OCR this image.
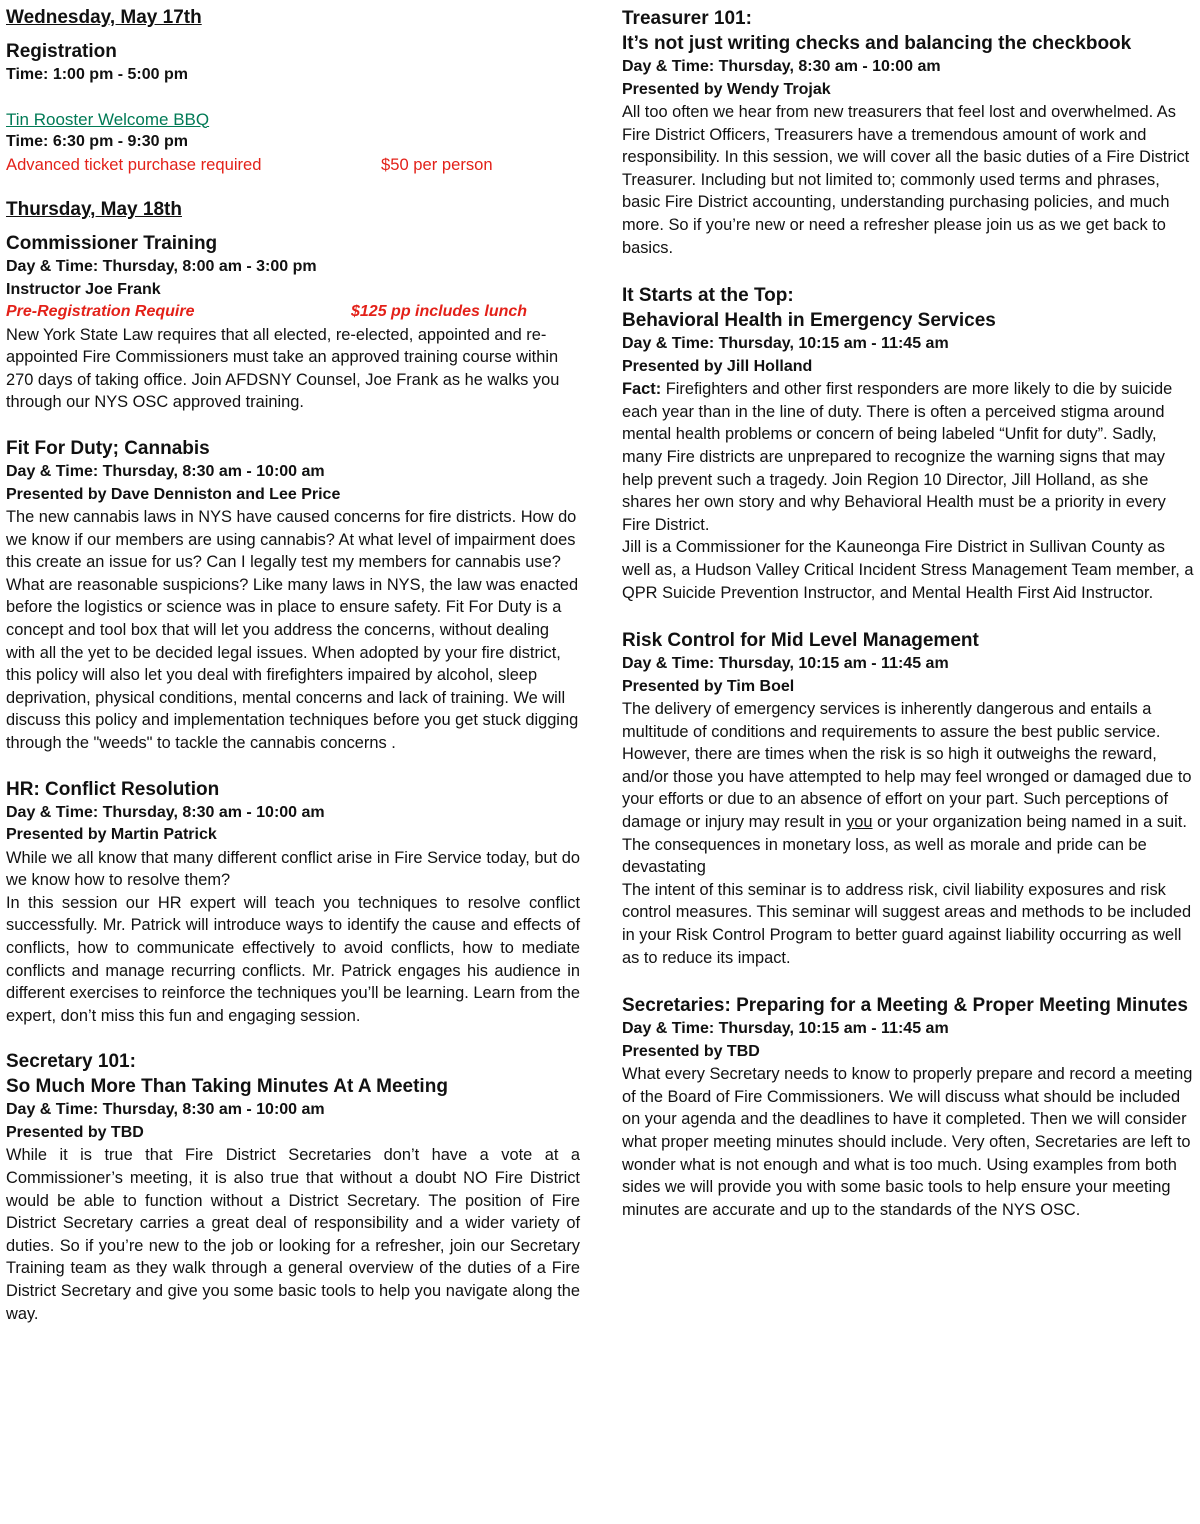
Wednesday, May 17th
Registration
Time: 1:00 pm - 5:00 pm
Tin Rooster Welcome BBQ
Time: 6:30 pm - 9:30 pm
Advanced ticket purchase required	$50 per person
Thursday, May 18th
Commissioner Training
Day & Time: Thursday, 8:00 am - 3:00 pm
Instructor Joe Frank
Pre-Registration Require	$125 pp includes lunch
New York State Law requires that all elected, re-elected, appointed and re-appointed Fire Commissioners must take an approved training course within 270 days of taking office. Join AFDSNY Counsel, Joe Frank as he walks you through our NYS OSC approved training.
Fit For Duty; Cannabis
Day & Time: Thursday, 8:30 am - 10:00 am
Presented by Dave Denniston and Lee Price
The new cannabis laws in NYS have caused concerns for fire districts. How do we know if our members are using cannabis? At what level of impairment does this create an issue for us? Can I legally test my members for cannabis use? What are reasonable suspicions? Like many laws in NYS, the law was enacted before the logistics or science was in place to ensure safety. Fit For Duty is a concept and tool box that will let you address the concerns, without dealing with all the yet to be decided legal issues. When adopted by your fire district, this policy will also let you deal with firefighters impaired by alcohol, sleep deprivation, physical conditions, mental concerns and lack of training. We will discuss this policy and implementation techniques before you get stuck digging through the "weeds" to tackle the cannabis concerns .
HR: Conflict Resolution
Day & Time: Thursday, 8:30 am - 10:00 am
Presented by Martin Patrick
While we all know that many different conflict arise in Fire Service today, but do we know how to resolve them?
In this session our HR expert will teach you techniques to resolve conflict successfully. Mr. Patrick will introduce ways to identify the cause and effects of conflicts, how to communicate effectively to avoid conflicts, how to mediate conflicts and manage recurring conflicts. Mr. Patrick engages his audience in different exercises to reinforce the techniques you’ll be learning. Learn from the expert, don’t miss this fun and engaging session.
Secretary 101:
So Much More Than Taking Minutes At A Meeting
Day & Time: Thursday, 8:30 am - 10:00 am
Presented by TBD
While it is true that Fire District Secretaries don’t have a vote at a Commissioner’s meeting, it is also true that without a doubt NO Fire District would be able to function without a District Secretary. The position of Fire District Secretary carries a great deal of responsibility and a wider variety of duties. So if you’re new to the job or looking for a refresher, join our Secretary Training team as they walk through a general overview of the duties of a Fire District Secretary and give you some basic tools to help you navigate along the way.
Treasurer 101:
It’s not just writing checks and balancing the checkbook
Day & Time: Thursday, 8:30 am - 10:00 am
Presented by Wendy Trojak
All too often we hear from new treasurers that feel lost and overwhelmed. As Fire District Officers, Treasurers have a tremendous amount of work and responsibility. In this session, we will cover all the basic duties of a Fire District Treasurer. Including but not limited to; commonly used terms and phrases, basic Fire District accounting, understanding purchasing policies, and much more. So if you’re new or need a refresher please join us as we get back to basics.
It Starts at the Top:
Behavioral Health in Emergency Services
Day & Time: Thursday, 10:15 am - 11:45 am
Presented by Jill Holland
Fact: Firefighters and other first responders are more likely to die by suicide each year than in the line of duty. There is often a perceived stigma around mental health problems or concern of being labeled “Unfit for duty”. Sadly, many Fire districts are unprepared to recognize the warning signs that may help prevent such a tragedy. Join Region 10 Director, Jill Holland, as she shares her own story and why Behavioral Health must be a priority in every Fire District.
Jill is a Commissioner for the Kauneonga Fire District in Sullivan County as well as, a Hudson Valley Critical Incident Stress Management Team member, a QPR Suicide Prevention Instructor, and Mental Health First Aid Instructor.
Risk Control for Mid Level Management
Day & Time: Thursday, 10:15 am - 11:45 am
Presented by Tim Boel
The delivery of emergency services is inherently dangerous and entails a multitude of conditions and requirements to assure the best public service. However, there are times when the risk is so high it outweighs the reward, and/or those you have attempted to help may feel wronged or damaged due to your efforts or due to an absence of effort on your part. Such perceptions of damage or injury may result in you or your organization being named in a suit. The consequences in monetary loss, as well as morale and pride can be devastating
The intent of this seminar is to address risk, civil liability exposures and risk control measures. This seminar will suggest areas and methods to be included in your Risk Control Program to better guard against liability occurring as well as to reduce its impact.
Secretaries: Preparing for a Meeting & Proper Meeting Minutes
Day & Time: Thursday, 10:15 am - 11:45 am
Presented by TBD
What every Secretary needs to know to properly prepare and record a meeting of the Board of Fire Commissioners. We will discuss what should be included on your agenda and the deadlines to have it completed. Then we will consider what proper meeting minutes should include. Very often, Secretaries are left to wonder what is not enough and what is too much. Using examples from both sides we will provide you with some basic tools to help ensure your meeting minutes are accurate and up to the standards of the NYS OSC.
